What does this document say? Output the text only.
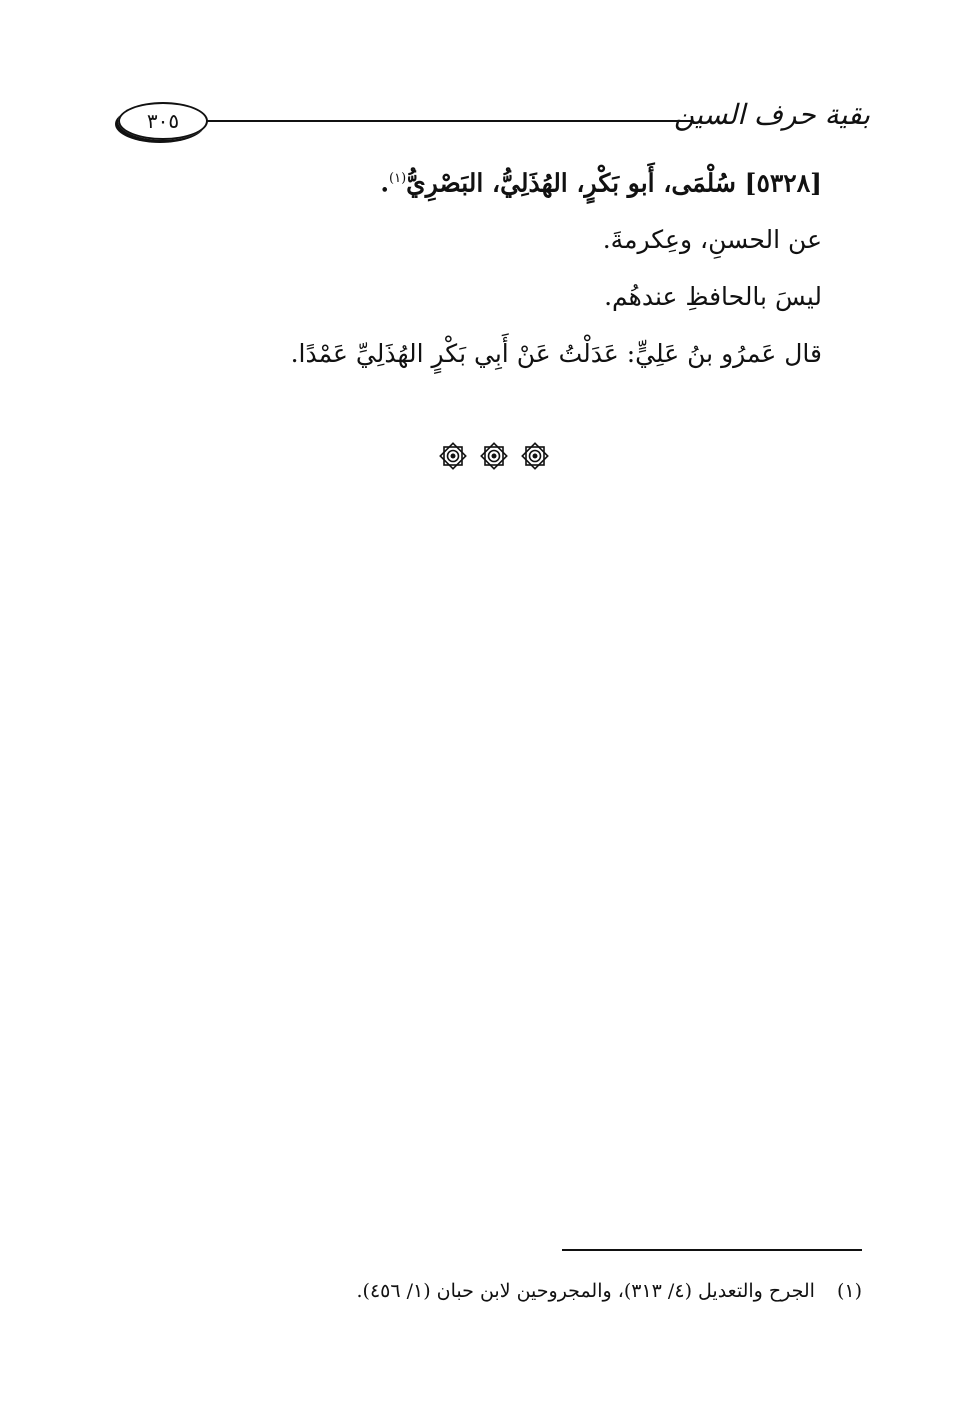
٣٠٥	بقية حرف السين
[٥٣٢٨] سُلْمَى، أَبو بَكْرٍ، الهُذَلِيُّ، البَصْرِيُّ$^{(١)}$.
عن الحسنِ، وعِكرمةَ.
ليسَ بالحافظِ عندهُم.
قال عَمرُو بنُ عَلِيٍّ: عَدَلْتُ عَنْ أَبِي بَكْرٍ الهُذَلِيِّ عَمْدًا.
(١)الجرح والتعديل (٤/ ٣١٣)، والمجروحين لابن حبان (١/ ٤٥٦).
